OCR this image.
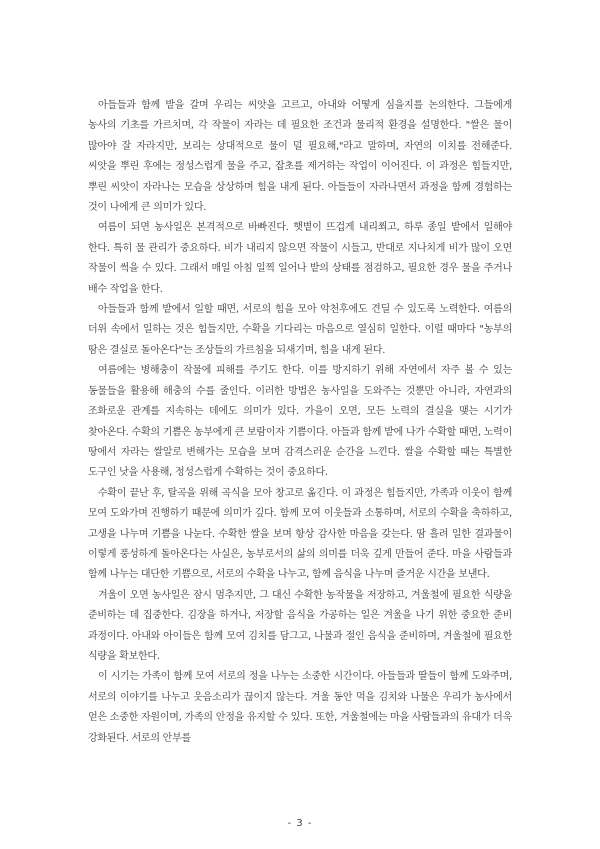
아들들과 함께 밭을 갈며 우리는 씨앗을 고르고, 아내와 어떻게 심을지를 논의한다. 그들에게 농사의 기초를 가르치며, 각 작물이 자라는 데 필요한 조건과 물리적 환경을 설명한다. "쌀은 물이 많아야 잘 자라지만, 보리는 상대적으로 물이 덜 필요해,"라고 말하며, 자연의 이치를 전해준다. 씨앗을 뿌린 후에는 정성스럽게 물을 주고, 잡초를 제거하는 작업이 이어진다. 이 과정은 힘들지만, 뿌린 씨앗이 자라나는 모습을 상상하며 힘을 내게 된다. 아들들이 자라나면서 과정을 함께 경험하는 것이 나에게 큰 의미가 있다.

여름이 되면 농사일은 본격적으로 바빠진다. 햇볕이 뜨겁게 내리쬐고, 하루 종일 밭에서 일해야 한다. 특히 물 관리가 중요하다. 비가 내리지 않으면 작물이 시들고, 반대로 지나치게 비가 많이 오면 작물이 썩을 수 있다. 그래서 매일 아침 일찍 일어나 밭의 상태를 점검하고, 필요한 경우 물을 주거나 배수 작업을 한다.

아들들과 함께 밭에서 일할 때면, 서로의 힘을 모아 악천후에도 견딜 수 있도록 노력한다. 여름의 더위 속에서 일하는 것은 힘들지만, 수확을 기다리는 마음으로 열심히 일한다. 이럴 때마다 "농부의 땀은 결실로 돌아온다"는 조상들의 가르침을 되새기며, 힘을 내게 된다.

여름에는 병해충이 작물에 피해를 주기도 한다. 이를 방지하기 위해 자연에서 자주 볼 수 있는 동물들을 활용해 해충의 수를 줄인다. 이러한 방법은 농사일을 도와주는 것뿐만 아니라, 자연과의 조화로운 관계를 지속하는 데에도 의미가 있다. 가을이 오면, 모든 노력의 결실을 맺는 시기가 찾아온다. 수확의 기쁨은 농부에게 큰 보람이자 기쁨이다. 아들과 함께 밭에 나가 수확할 때면, 노력이 땅에서 자라는 쌀알로 변해가는 모습을 보며 감격스러운 순간을 느낀다. 쌀을 수확할 때는 특별한 도구인 낫을 사용해, 정성스럽게 수확하는 것이 중요하다.

수확이 끝난 후, 탈곡을 위해 곡식을 모아 창고로 옮긴다. 이 과정은 힘들지만, 가족과 이웃이 함께 모여 도와가며 진행하기 때문에 의미가 깊다. 함께 모여 이웃들과 소통하며, 서로의 수확을 축하하고, 고생을 나누며 기쁨을 나눈다. 수확한 쌀을 보며 항상 감사한 마음을 갖는다. 땀 흘려 일한 결과물이 이렇게 풍성하게 돌아온다는 사실은, 농부로서의 삶의 의미를 더욱 깊게 만들어 준다. 마을 사람들과 함께 나누는 대단한 기쁨으로, 서로의 수확을 나누고, 함께 음식을 나누며 즐거운 시간을 보낸다.

겨울이 오면 농사일은 잠시 멈추지만, 그 대신 수확한 농작물을 저장하고, 겨울철에 필요한 식량을 준비하는 데 집중한다. 김장을 하거나, 저장할 음식을 가공하는 일은 겨울을 나기 위한 중요한 준비 과정이다. 아내와 아이들은 함께 모여 김치를 담그고, 나물과 절인 음식을 준비하며, 겨울철에 필요한 식량을 확보한다.

이 시기는 가족이 함께 모여 서로의 정을 나누는 소중한 시간이다. 아들들과 딸들이 함께 도와주며, 서로의 이야기를 나누고 웃음소리가 끊이지 않는다. 겨울 동안 먹을 김치와 나물은 우리가 농사에서 얻은 소중한 자원이며, 가족의 안정을 유지할 수 있다. 또한, 겨울철에는 마을 사람들과의 유대가 더욱 강화된다. 서로의 안부를

- 3 -
